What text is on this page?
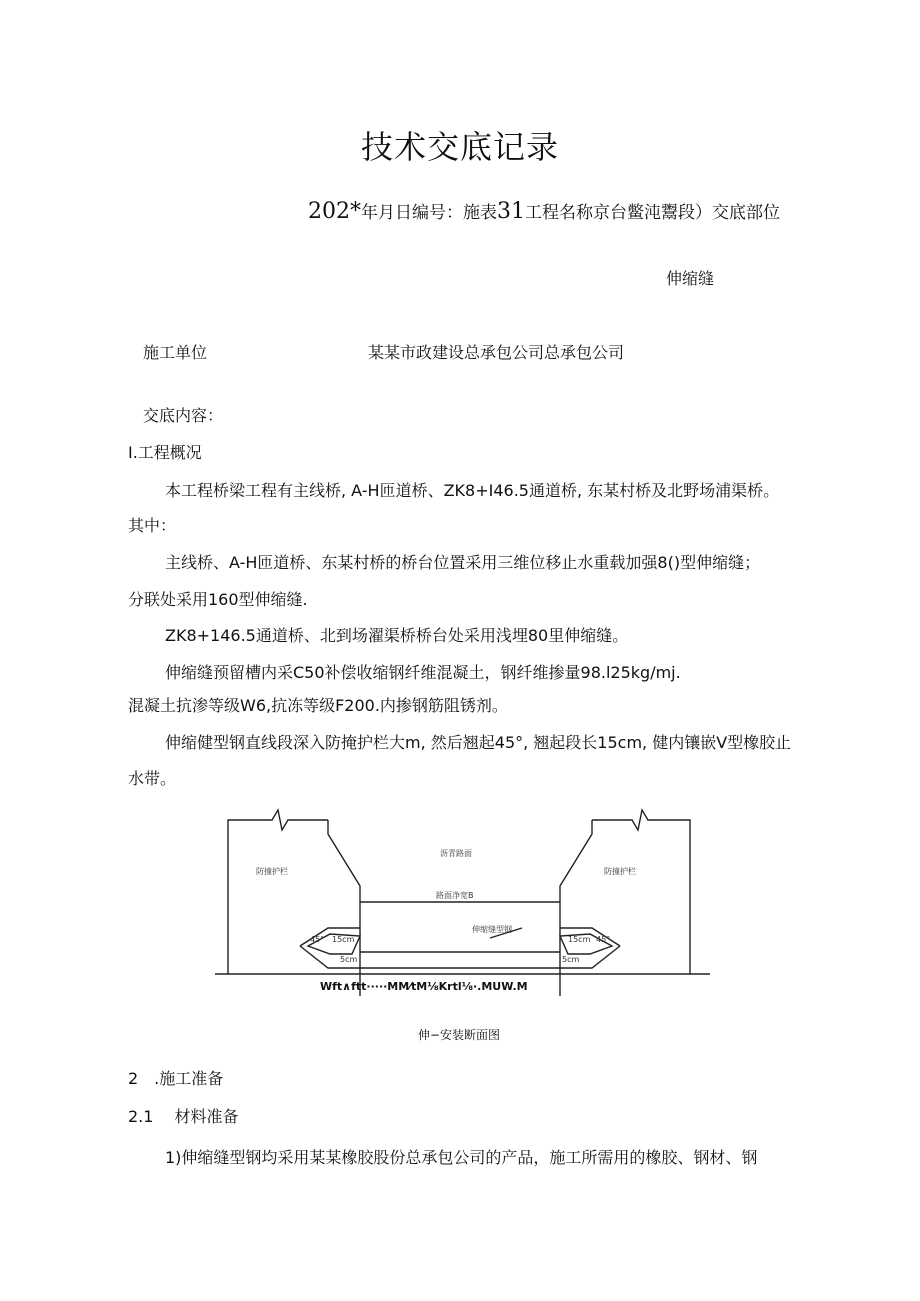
技术交底记录
202*年月日编号：施表31工程名称京台鳖沌鬻段）交底部位
伸缩缝
施工单位	某某市政建设总承包公司总承包公司
交底内容：
I.工程概况
本工程桥梁工程有主线桥, A-H匝道桥、ZK8+I46.5通道桥, 东某村桥及北野场浦渠桥。
其中：
主线桥、A-H匝道桥、东某村桥的桥台位置采用三维位移止水重载加强8()型伸缩缝；
分联处采用160型伸缩缝.
ZK8+146.5通道桥、北到场濯渠桥桥台处采用浅埋80里伸缩缝。
伸缩缝预留槽内采C50补偿收缩钢纤维混凝土，钢纤维掺量98.l25kg∕mj.
混凝土抗渗等级W6,抗冻等级F200.内掺钢筋阻锈剂。
伸缩健型钢直线段深入防掩护栏大m, 然后翘起45°, 翘起段长15cm, 健内镶嵌V型橡胶止
水带。
防撞护栏	防撞护栏
沥青路面
路面净宽B
伸缩缝型钢
15cm	15cm
45°	45°
5cm	5cm
Wft∧ftt·····MM⁄tM⅛Krtl⅛·.MUW.M
伸−安装断面图
2　.施工准备
2.1　 材料准备
1)伸缩缝型钢均采用某某橡胶股份总承包公司的产品，施工所需用的橡胶、钢材、钢
